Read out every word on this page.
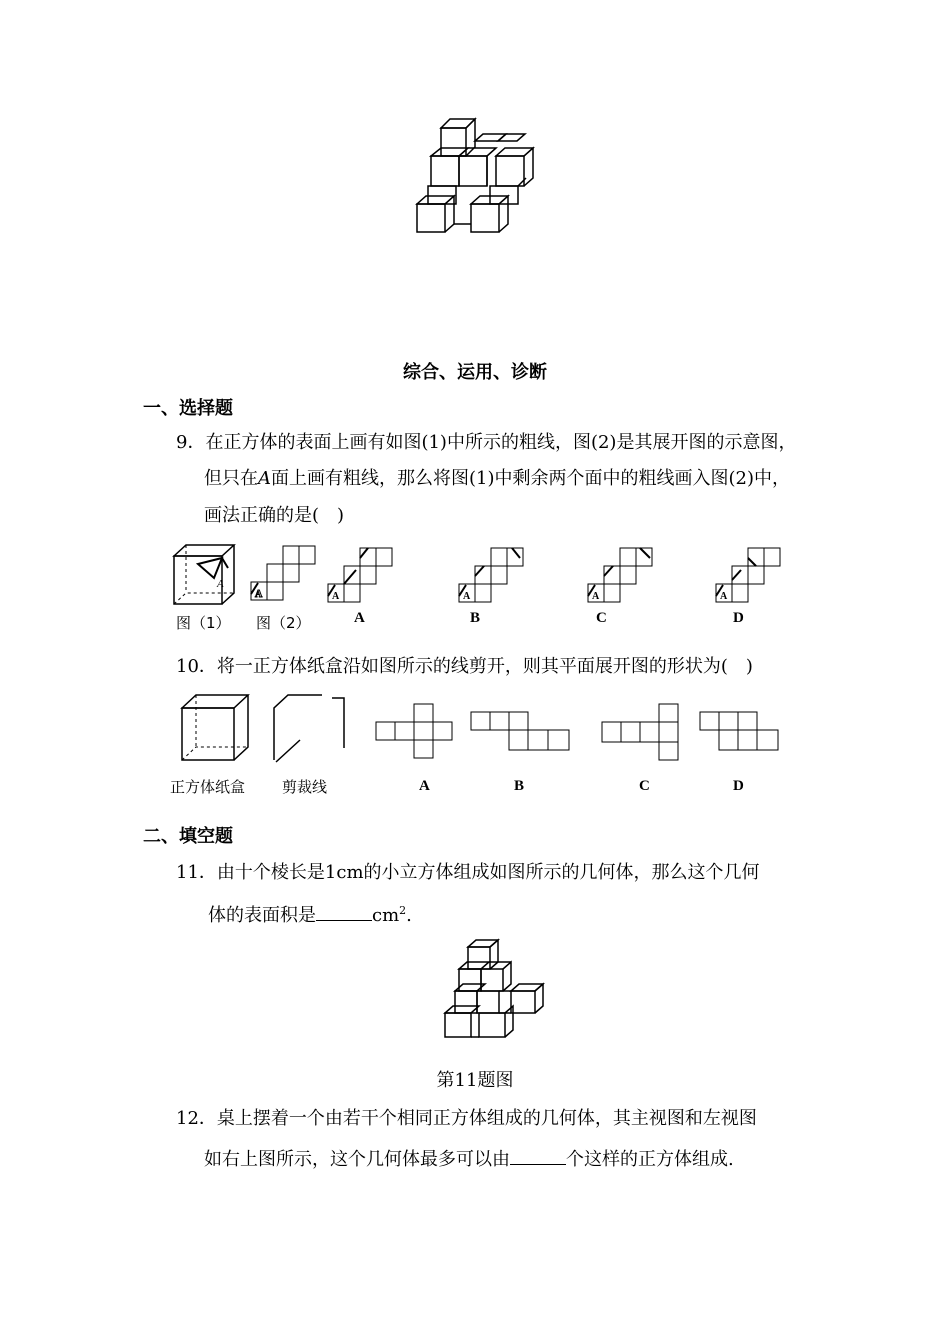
综合、运用、诊断
一、选择题
9．在正方体的表面上画有如图(1)中所示的粗线，图(2)是其展开图的示意图，
但只在A面上画有粗线，那么将图(1)中剩余两个面中的粗线画入图(2)中，
画法正确的是(　)
A
A	A	A	A	A
图（1） 图（2）	A	B	C	D
10．将一正方体纸盒沿如图所示的线剪开，则其平面展开图的形状为(　)
正方体纸盒 剪裁线	A	B	C	D
二、填空题
11．由十个棱长是1cm的小立方体组成如图所示的几何体，那么这个几何
体的表面积是	$cm^2$.
第11题图
12．桌上摆着一个由若干个相同正方体组成的几何体，其主视图和左视图
如右上图所示，这个几何体最多可以由	个这样的正方体组成.
